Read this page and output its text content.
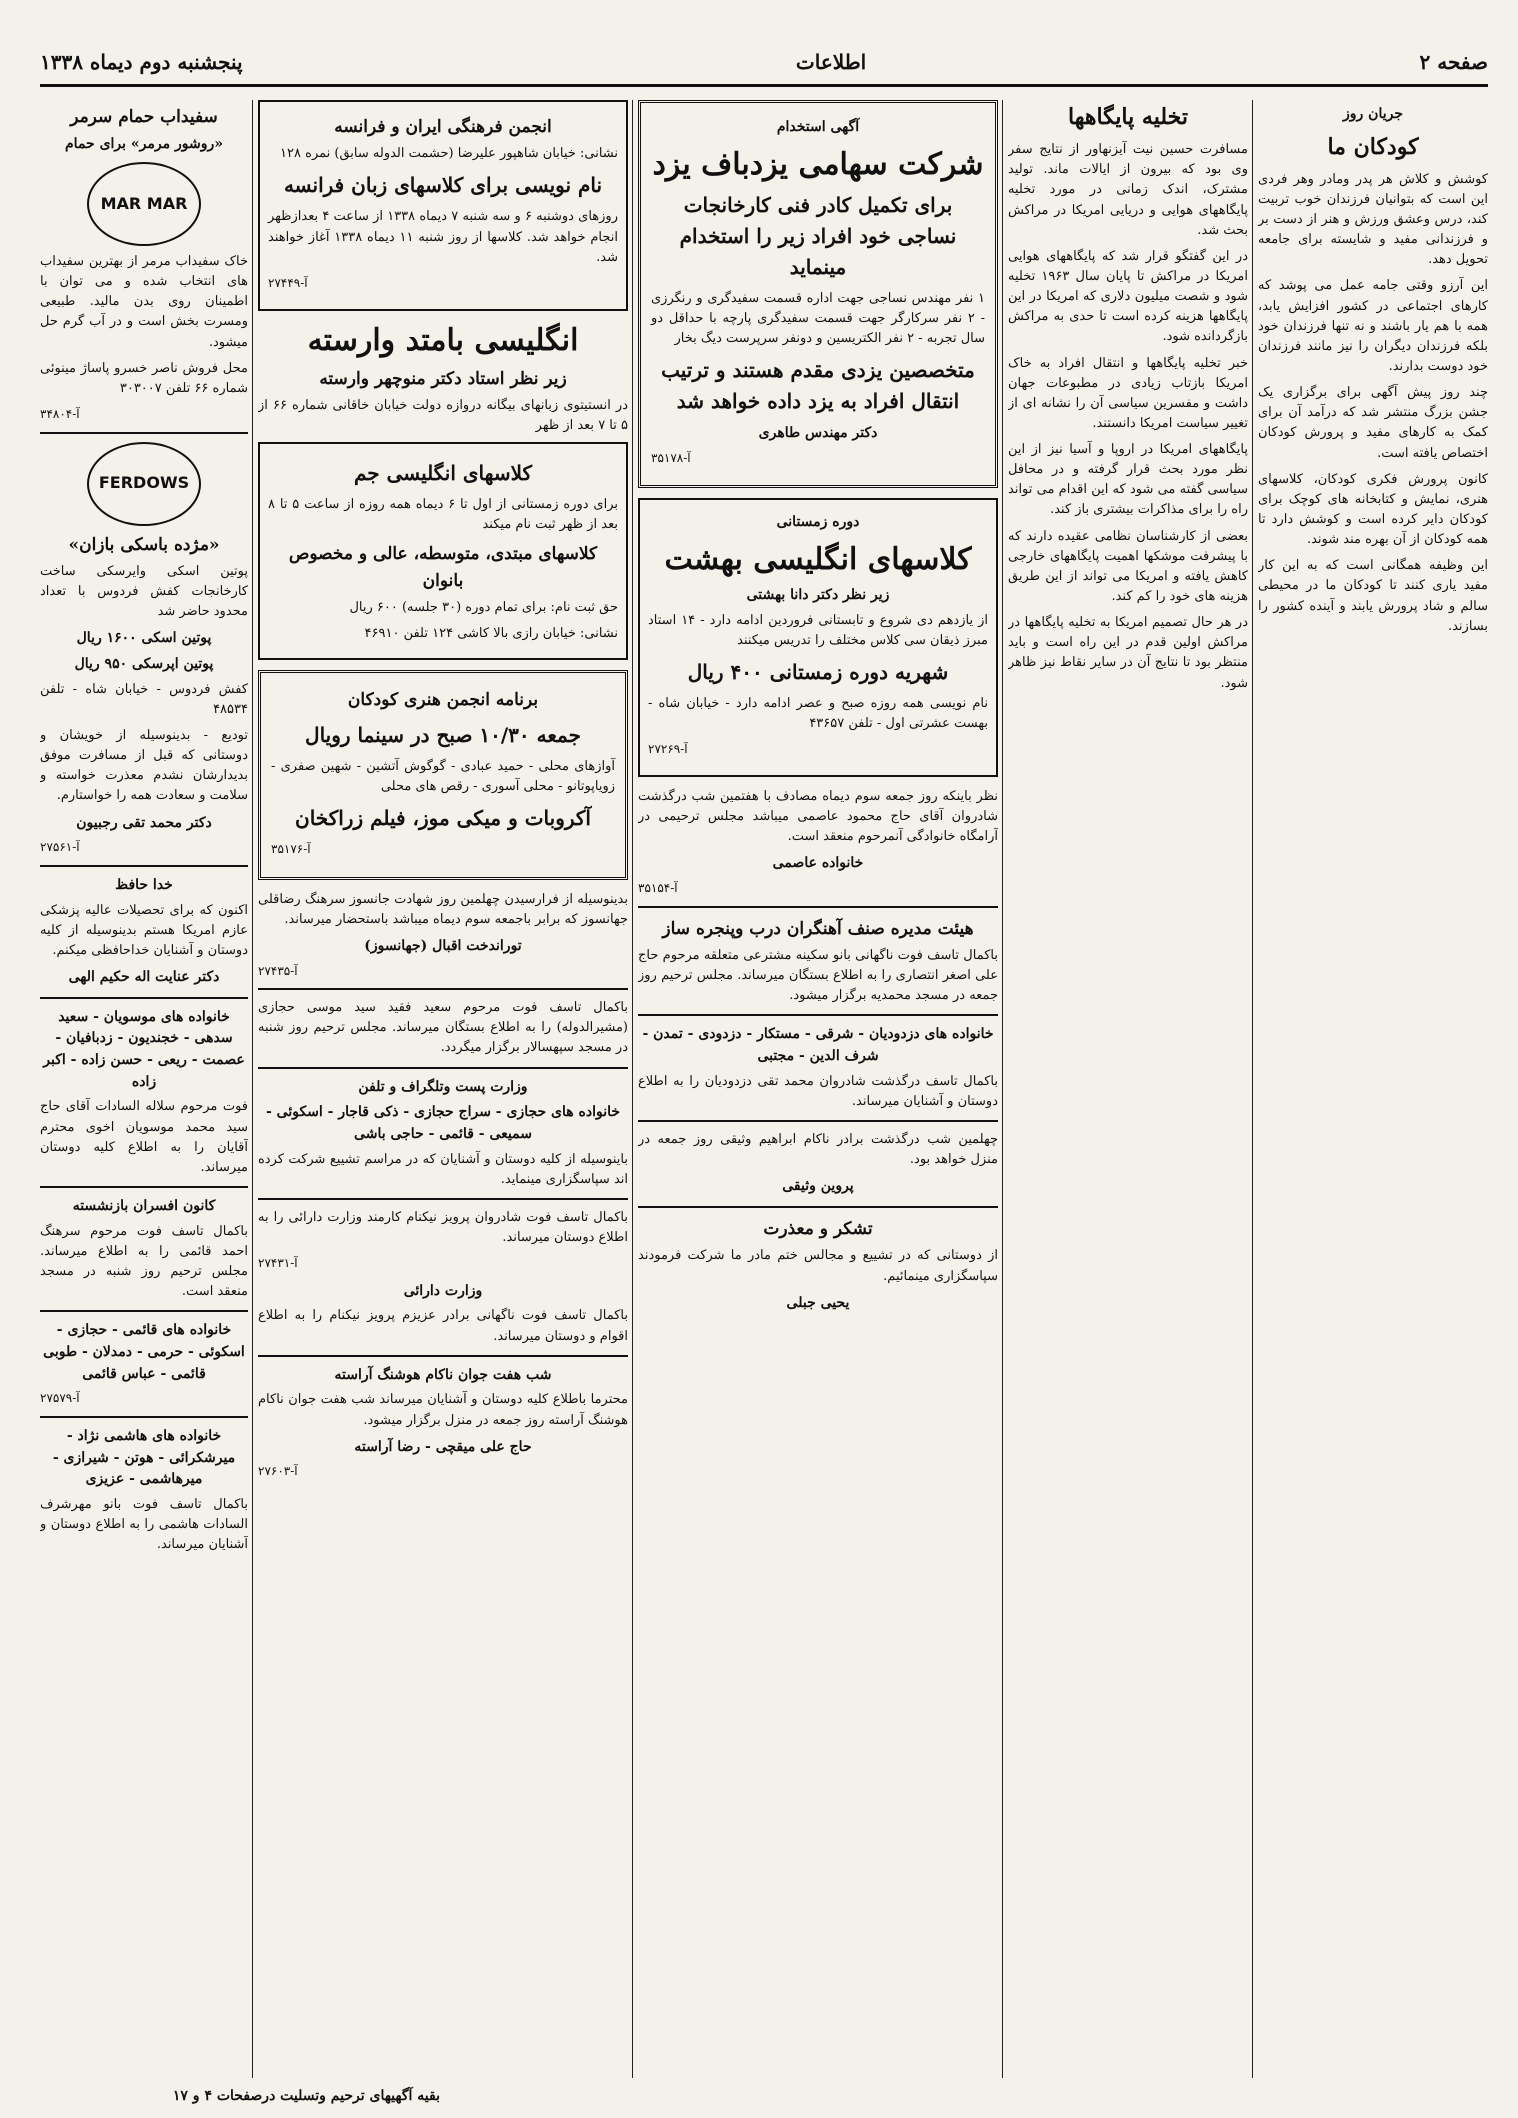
صفحه ۲
اطلاعات
پنجشنبه دوم دیماه ۱۳۳۸
جریان روز
کودکان ما

کوشش و کلاش هر پدر ومادر وهر فردی این است که بتوانیان فرزندان خوب تربیت کند، درس وعشق ورزش و هنر از دست بر و فرزندانی مفید و شایسته برای جامعه تحویل دهد.

این آرزو وقتی جامه عمل می پوشد که کارهای اجتماعی در کشور افزایش یابد، همه با هم یار باشند و نه تنها فرزندان خود بلکه فرزندان دیگران را نیز مانند فرزندان خود دوست بدارند.

چند روز پیش آگهی برای برگزاری یک جشن بزرگ منتشر شد که درآمد آن برای کمک به کارهای مفید و پرورش کودکان اختصاص یافته است.

کانون پرورش فکری کودکان، کلاسهای هنری، نمایش و کتابخانه های کوچک برای کودکان دایر کرده است و کوشش دارد تا همه کودکان از آن بهره مند شوند.

این وظیفه همگانی است که به این کار مفید یاری کنند تا کودکان ما در محیطی سالم و شاد پرورش یابند و آینده کشور را بسازند.

تخلیه پایگاهها

مسافرت حسین نیت آیزنهاور از نتایج سفر وی بود که بیرون از ایالات ماند. تولید مشترک، اندک زمانی در مورد تخلیه پایگاههای هوایی و دریایی امریکا در مراکش بحث شد.

در این گفتگو قرار شد که پایگاههای هوایی امریکا در مراکش تا پایان سال ۱۹۶۳ تخلیه شود و شصت میلیون دلاری که امریکا در این پایگاهها هزینه کرده است تا حدی به مراکش بازگردانده شود.

خبر تخلیه پایگاهها و انتقال افراد به خاک امریکا بازتاب زیادی در مطبوعات جهان داشت و مفسرین سیاسی آن را نشانه ای از تغییر سیاست امریکا دانستند.

پایگاههای امریکا در اروپا و آسیا نیز از این نظر مورد بحث قرار گرفته و در محافل سیاسی گفته می شود که این اقدام می تواند راه را برای مذاکرات بیشتری باز کند.

بعضی از کارشناسان نظامی عقیده دارند که با پیشرفت موشکها اهمیت پایگاههای خارجی کاهش یافته و امریکا می تواند از این طریق هزینه های خود را کم کند.

در هر حال تصمیم امریکا به تخلیه پایگاهها در مراکش اولین قدم در این راه است و باید منتظر بود تا نتایج آن در سایر نقاط نیز ظاهر شود.

آگهی استخدام
شرکت سهامی یزدباف یزد
برای تکمیل کادر فنی کارخانجات نساجی خود افراد زیر را استخدام مینماید

۱ نفر مهندس نساجی جهت اداره قسمت سفیدگری و رنگرزی - ۲ نفر سرکارگر جهت قسمت سفیدگری پارچه با حداقل دو سال تجربه - ۲ نفر الکتریسین و دونفر سرپرست دیگ بخار

متخصصین یزدی مقدم هستند و ترتیب انتقال افراد به یزد داده خواهد شد
دکتر مهندس طاهری
آ-۳۵۱۷۸
دوره زمستانی
کلاسهای انگلیسی بهشت
زیر نظر دکتر دانا بهشتی

از یازدهم دی شروع و تابستانی فروردین ادامه دارد - ۱۴ استاد مبرز ذیقان سی کلاس مختلف را تدریس میکنند

شهریه دوره زمستانی ۴۰۰ ریال

نام نویسی همه روزه صبح و عصر ادامه دارد - خیابان شاه - بهست عشرتی اول - تلفن ۴۳۶۵۷

آ-۲۷۲۶۹

نظر باینکه روز جمعه سوم دیماه مصادف با هفتمین شب درگذشت شادروان آقای حاج محمود عاصمی میباشد مجلس ترحیمی در آرامگاه خانوادگی آنمرحوم منعقد است.

خانواده عاصمی
آ-۳۵۱۵۴
هیئت مدیره صنف آهنگران درب وپنجره ساز

باکمال تاسف فوت ناگهانی بانو سکینه مشترعی متعلقه مرحوم حاج علی اصغر انتصاری را به اطلاع بستگان میرساند. مجلس ترحیم روز جمعه در مسجد محمدیه برگزار میشود.

خانواده های دزدودیان - شرقی - مستکار - دزدودی - تمدن - شرف الدین - مجتبی

باکمال تاسف درگذشت شادروان محمد تقی دزدودیان را به اطلاع دوستان و آشنایان میرساند.

چهلمین شب درگذشت برادر ناکام ابراهیم وثیقی روز جمعه در منزل خواهد بود.

پروین وثیقی
تشکر و معذرت

از دوستانی که در تشییع و مجالس ختم مادر ما شرکت فرمودند سپاسگزاری مینمائیم.

یحیی جبلی
انجمن فرهنگی ایران و فرانسه

نشانی: خیابان شاهپور علیرضا (حشمت الدوله سابق) نمره ۱۲۸

نام نویسی برای کلاسهای زبان فرانسه

روزهای دوشنبه ۶ و سه شنبه ۷ دیماه ۱۳۳۸ از ساعت ۴ بعدازظهر انجام خواهد شد. کلاسها از روز شنبه ۱۱ دیماه ۱۳۳۸ آغاز خواهند شد.

آ-۲۷۴۴۹
انگلیسی بامتد وارسته
زیر نظر استاد دکتر منوچهر وارسته

در انستیتوی زبانهای بیگانه دروازه دولت خیابان خاقانی شماره ۶۶ از ۵ تا ۷ بعد از ظهر

کلاسهای انگلیسی جم

برای دوره زمستانی از اول تا ۶ دیماه همه روزه از ساعت ۵ تا ۸ بعد از ظهر ثبت نام میکند

کلاسهای مبتدی، متوسطه، عالی و مخصوص بانوان

حق ثبت نام: برای تمام دوره (۳۰ جلسه) ۶۰۰ ریال

نشانی: خیابان رازی بالا کاشی ۱۲۴ تلفن ۴۶۹۱۰

برنامه انجمن هنری کودکان
جمعه ۱۰/۳۰ صبح در سینما رویال

آوازهای محلی - حمید عبادی - گوگوش آتشین - شهین صفری - زویاپوتانو - محلی آسوری - رقص های محلی

آکروبات و میکی موز، فیلم زراکخان
آ-۳۵۱۷۶

بدینوسیله از فرارسیدن چهلمین روز شهادت جانسوز سرهنگ رضاقلی جهانسوز که برابر باجمعه سوم دیماه میباشد باستحضار میرساند.

توراندخت اقبال (جهانسوز)
آ-۲۷۴۳۵

باکمال تاسف فوت مرحوم سعید فقید سید موسی حجازی (مشیرالدوله) را به اطلاع بستگان میرساند. مجلس ترحیم روز شنبه در مسجد سپهسالار برگزار میگردد.

وزارت پست وتلگراف و تلفن
خانواده های حجازی - سراج حجازی - ذکی قاجار - اسکوئی - سمیعی - قائمی - حاجی باشی

باینوسیله از کلیه دوستان و آشنایان که در مراسم تشییع شرکت کرده اند سپاسگزاری مینماید.

باکمال تاسف فوت شادروان پرویز نیکنام کارمند وزارت دارائی را به اطلاع دوستان میرساند.

آ-۲۷۴۳۱
وزارت دارائی

باکمال تاسف فوت ناگهانی برادر عزیزم پرویز نیکنام را به اطلاع اقوام و دوستان میرساند.

شب هفت جوان ناکام هوشنگ آراسته

محترما باطلاع کلیه دوستان و آشنایان میرساند شب هفت جوان ناکام هوشنگ آراسته روز جمعه در منزل برگزار میشود.

حاج علی میقچی - رضا آراسته
آ-۲۷۶۰۳
سفیداب حمام سرمر
«روشور مرمر» برای حمام
MAR MAR

خاک سفیداب مرمر از بهترین سفیداب های انتخاب شده و می توان با اطمینان روی بدن مالید. طبیعی ومسرت بخش است و در آب گرم حل میشود.

محل فروش ناصر خسرو پاساژ مینوئی شماره ۶۶ تلفن ۳۰۳۰۰۷

آ-۳۴۸۰۴
FERDOWS
«مژده باسکی بازان»

پوتین اسکی وایرسکی ساخت کارخانجات کفش فردوس با تعداد محدود حاضر شد

پوتین اسکی ۱۶۰۰ ریال
پوتین اپرسکی ۹۵۰ ریال

کفش فردوس - خیابان شاه - تلفن ۴۸۵۳۴

تودیع - بدینوسیله از خویشان و دوستانی که قبل از مسافرت موفق بدیدارشان نشدم معذرت خواسته و سلامت و سعادت همه را خواستارم.

دکتر محمد تقی رجبیون
آ-۲۷۵۶۱
خدا حافظ

اکنون که برای تحصیلات عالیه پزشکی عازم امریکا هستم بدینوسیله از کلیه دوستان و آشنایان خداحافظی میکنم.

دکتر عنایت اله حکیم الهی
خانواده های موسویان - سعید سدهی - خجندیون - زدبافیان - عصمت - ریعی - حسن زاده - اکبر زاده

فوت مرحوم سلاله السادات آقای حاج سید محمد موسویان اخوی محترم آقایان را به اطلاع کلیه دوستان میرساند.

کانون افسران بازنشسته

باکمال تاسف فوت مرحوم سرهنگ احمد قائمی را به اطلاع میرساند. مجلس ترحیم روز شنبه در مسجد منعقد است.

خانواده های قائمی - حجازی - اسکوئی - حرمی - دمدلان - طوبی قائمی - عباس قائمی
آ-۲۷۵۷۹
خانواده های هاشمی نژاد - میرشکرائی - هوتن - شیرازی - میرهاشمی - عزیزی

باکمال تاسف فوت بانو مهرشرف السادات هاشمی را به اطلاع دوستان و آشنایان میرساند.

بقیه آگهیهای ترحیم وتسلیت درصفحات ۴ و ۱۷
